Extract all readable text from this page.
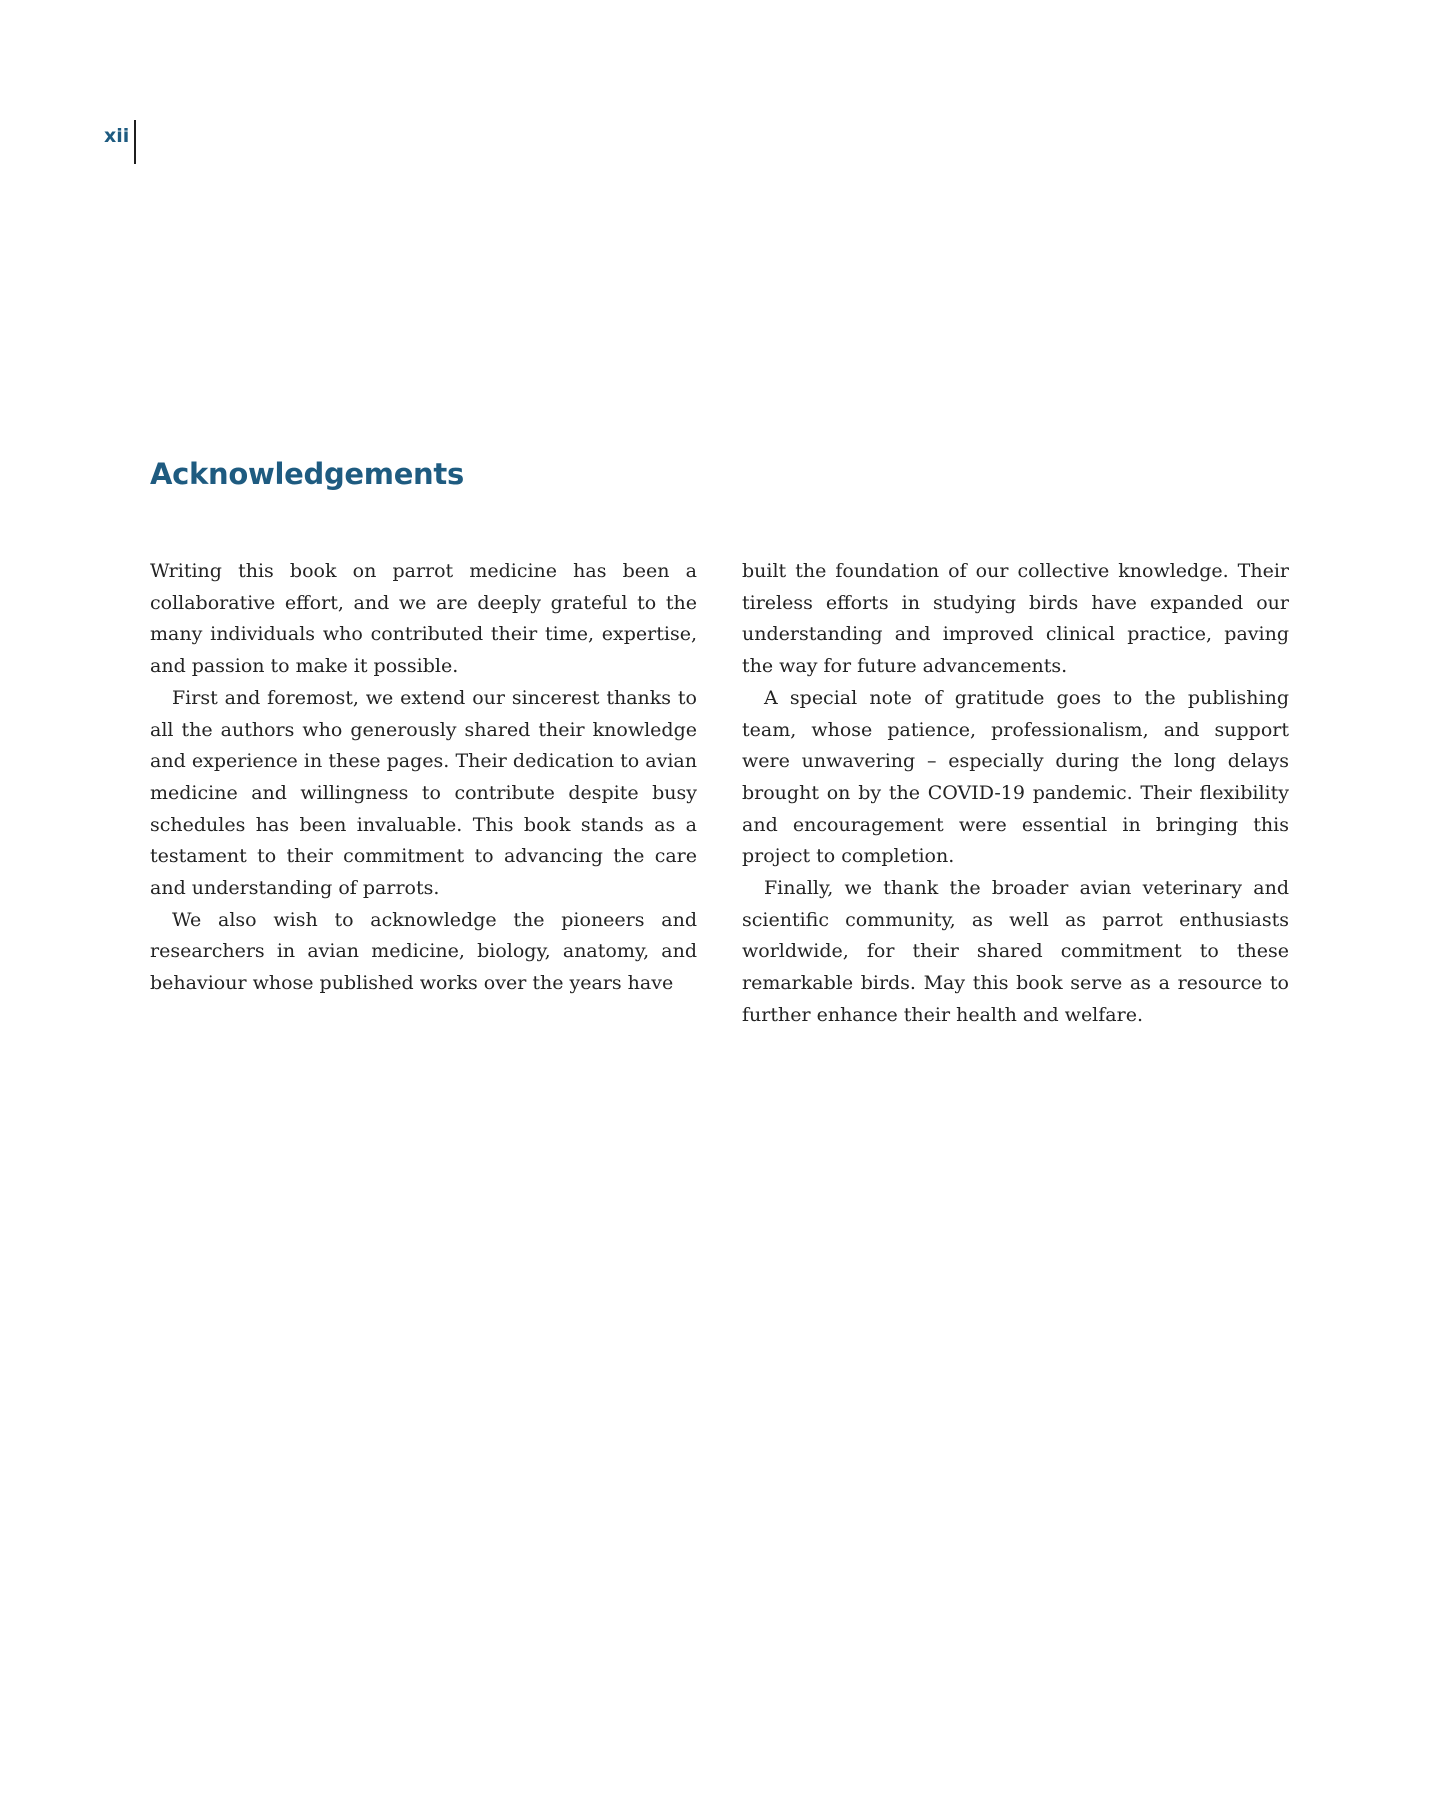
xii
Acknowledgements

Writing this book on parrot medicine has been a collaborative effort, and we are deeply grateful to the many individuals who contributed their time, expertise, and passion to make it possible.

First and foremost, we extend our sincerest thanks to all the authors who generously shared their knowledge and experience in these pages. Their dedication to avian medicine and willingness to contribute despite busy schedules has been invaluable. This book stands as a testament to their commitment to advancing the care and understanding of parrots.

We also wish to acknowledge the pioneers and researchers in avian medicine, biology, anatomy, and behaviour whose published works over the years have

built the foundation of our collective knowledge. Their tireless efforts in studying birds have expanded our understanding and improved clinical practice, paving the way for future advancements.

A special note of gratitude goes to the publishing team, whose patience, professionalism, and support were unwavering – especially during the long delays brought on by the COVID-19 pandemic. Their flexibility and encouragement were essential in bringing this project to completion.

Finally, we thank the broader avian veterinary and scientific community, as well as parrot enthusiasts worldwide, for their shared commitment to these remarkable birds. May this book serve as a resource to further enhance their health and welfare.
